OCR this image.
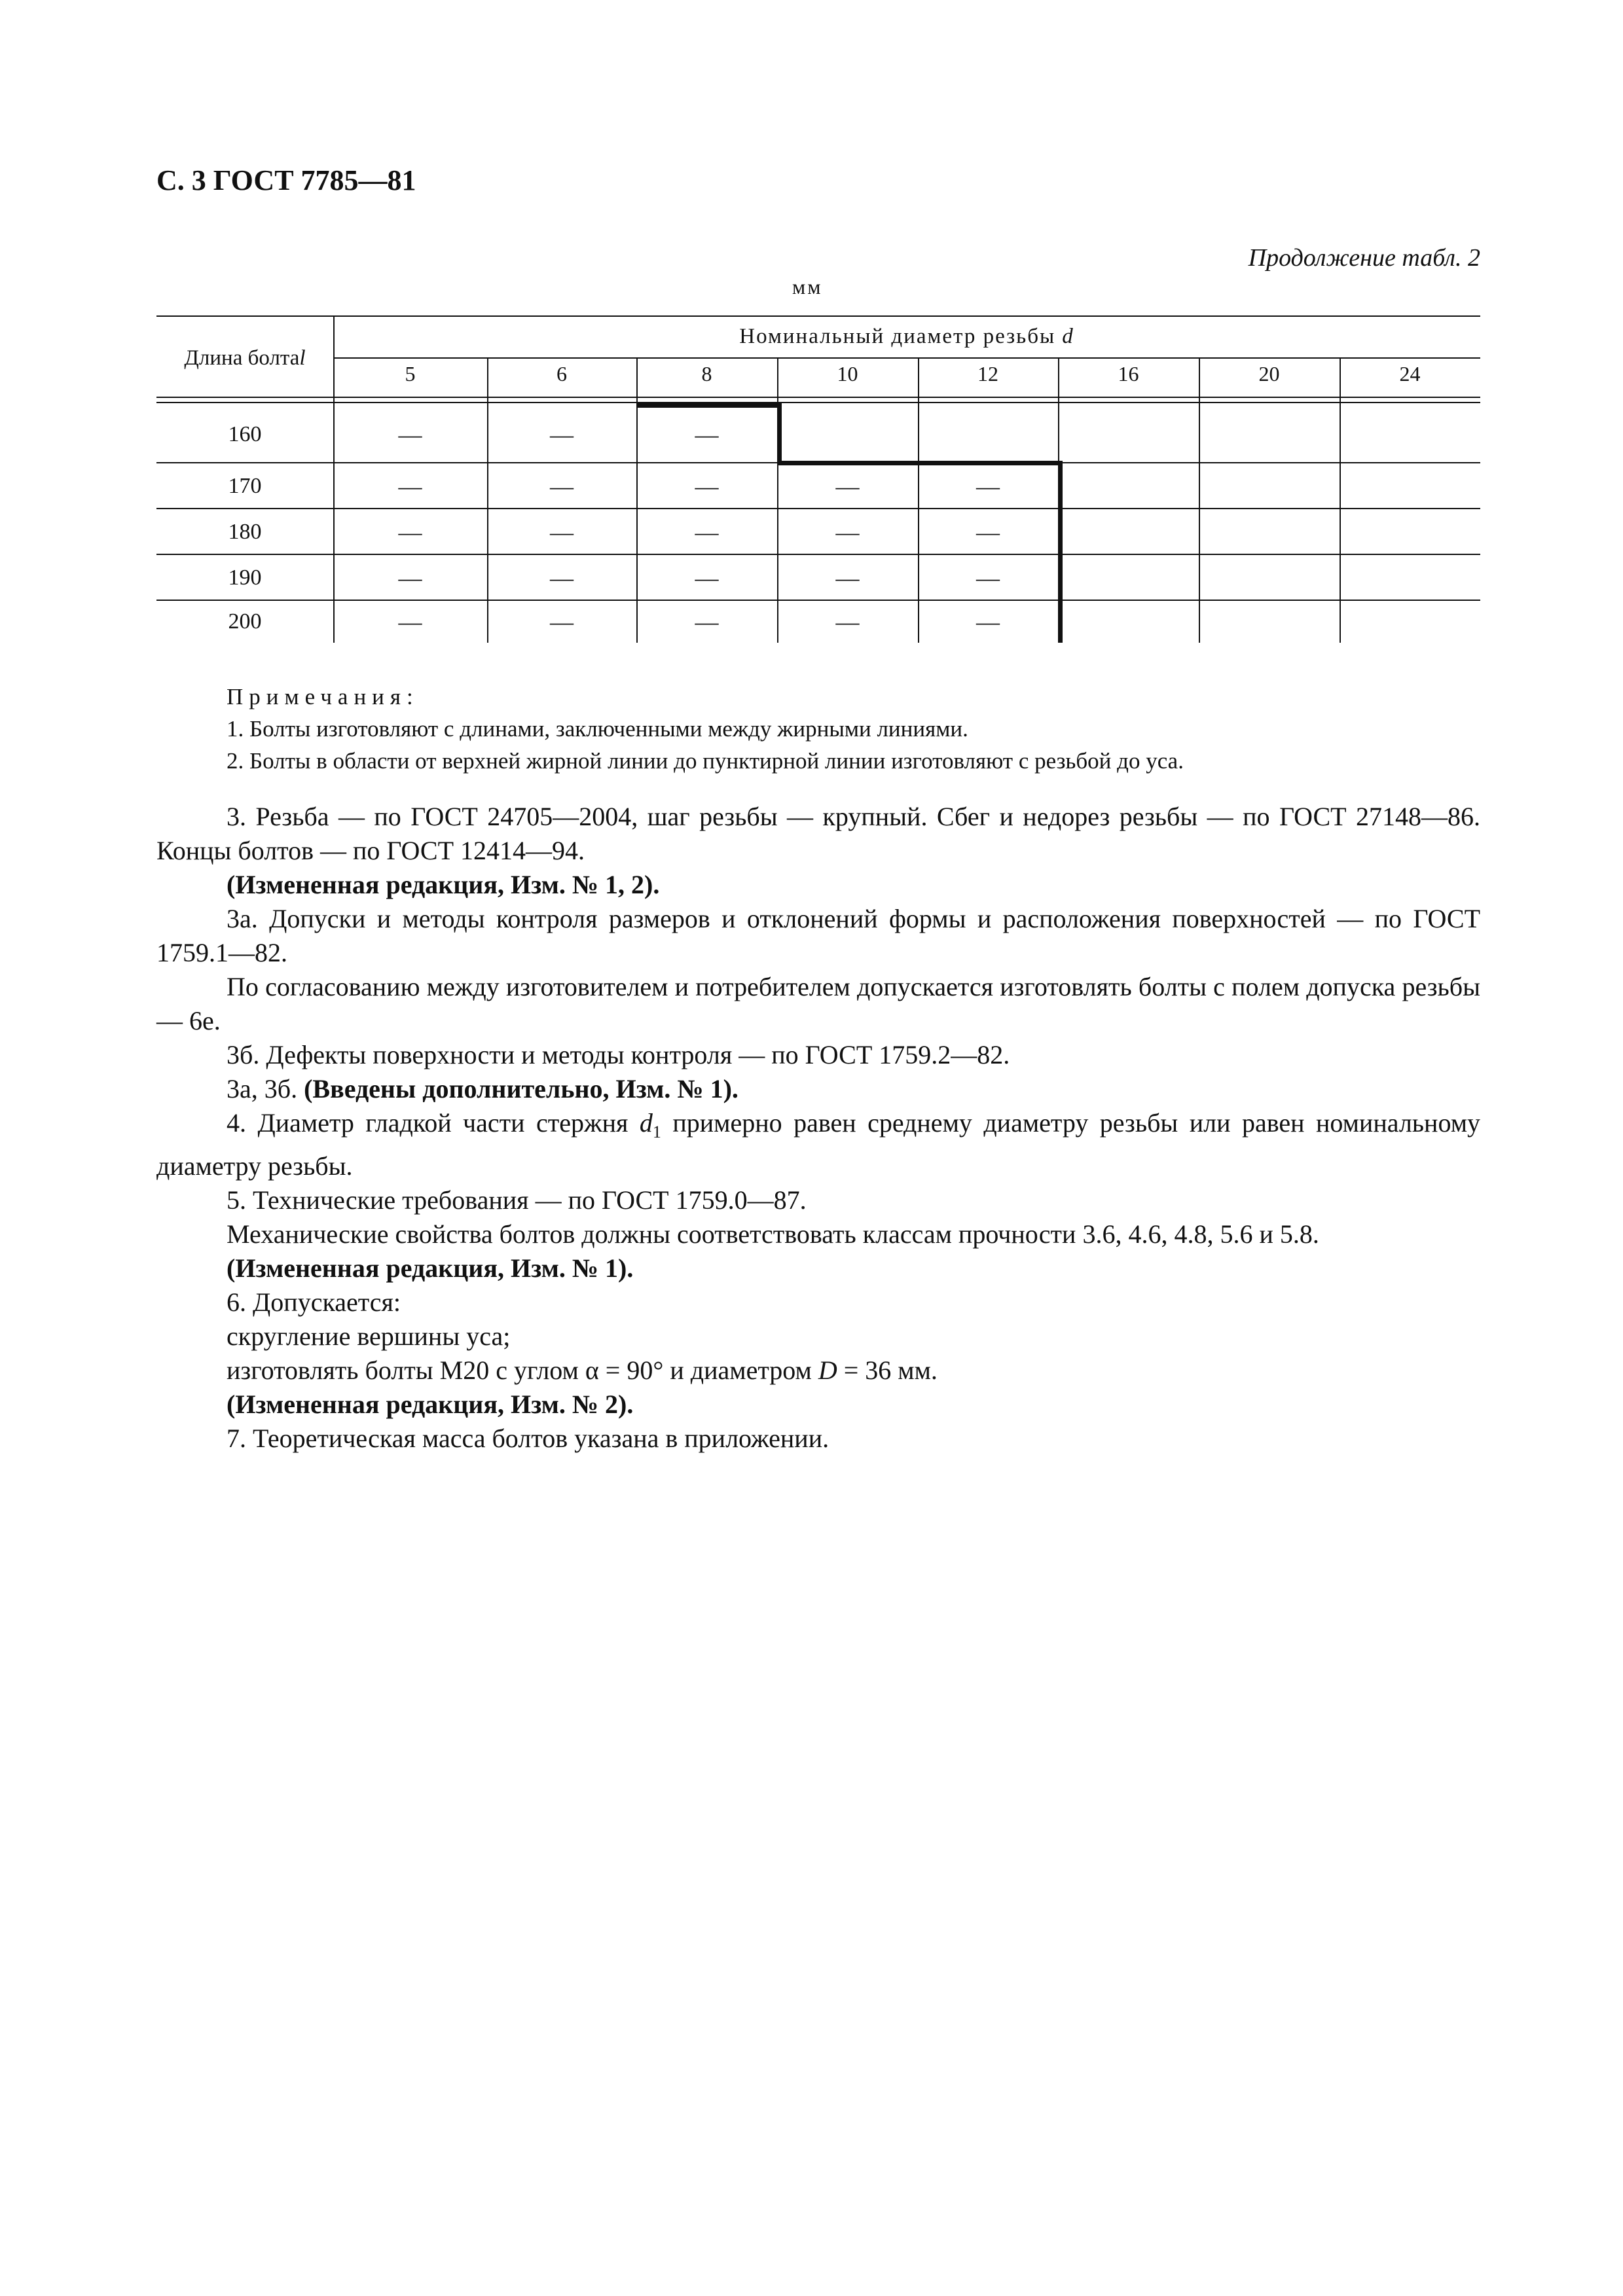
С. 3 ГОСТ 7785—81
Продолжение табл. 2
мм
Длина болта l
Номинальный диаметр резьбы d
5	6	8	10	12	16	20	24
160	—	—	—
170	—	—	—	—	—
180	—	—	—	—	—
190	—	—	—	—	—
200	—	—	—	—	—
Примечания:
1. Болты изготовляют с длинами, заключенными между жирными линиями.
2. Болты в области от верхней жирной линии до пунктирной линии изготовляют с резьбой до уса.

3. Резьба — по ГОСТ 24705—2004, шаг резьбы — крупный. Сбег и недорез резьбы — по ГОСТ 27148—86. Концы болтов — по ГОСТ 12414—94.

(Измененная редакция, Изм. № 1, 2).

3а. Допуски и методы контроля размеров и отклонений формы и расположения поверхностей — по ГОСТ 1759.1—82.

По согласованию между изготовителем и потребителем допускается изготовлять болты с полем допуска резьбы — 6е.

3б. Дефекты поверхности и методы контроля — по ГОСТ 1759.2—82.

3а, 3б. (Введены дополнительно, Изм. № 1).

4. Диаметр гладкой части стержня $d_1$ примерно равен среднему диаметру резьбы или равен номинальному диаметру резьбы.

5. Технические требования — по ГОСТ 1759.0—87.

Механические свойства болтов должны соответствовать классам прочности 3.6, 4.6, 4.8, 5.6 и 5.8.

(Измененная редакция, Изм. № 1).

6. Допускается:

скругление вершины уса;

изготовлять болты М20 с углом α = 90° и диаметром D = 36 мм.

(Измененная редакция, Изм. № 2).

7. Теоретическая масса болтов указана в приложении.
